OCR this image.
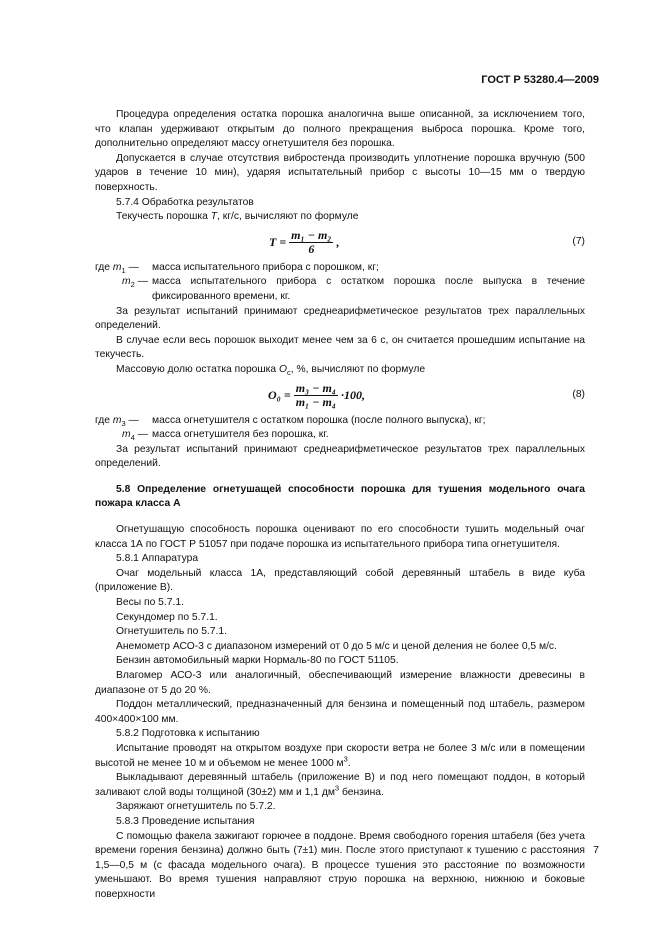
ГОСТ Р 53280.4—2009

Процедура определения остатка порошка аналогична выше описанной, за исключением того, что клапан удерживают открытым до полного прекращения выброса порошка. Кроме того, дополнительно определяют массу огнетушителя без порошка.

Допускается в случае отсутствия вибростенда производить уплотнение порошка вручную (500 ударов в течение 10 мин), ударяя испытательный прибор с высоты 10—15 мм о твердую поверхность.

5.7.4 Обработка результатов

Текучесть порошка T, кг/с, вычисляют по формуле

$T = \frac{\text{m₁ − m₂}}{6}$ ,	(7)
где $m_1$ —	масса испытательного прибора с порошком, кг;
$m_2$ — масса испытательного прибора с остатком порошка после выпуска в течение фиксированного времени, кг.

За результат испытаний принимают среднеарифметическое результатов трех параллельных определений.

В случае если весь порошок выходит менее чем за 6 с, он считается прошедшим испытание на текучесть.

Массовую долю остатка порошка $O_c$, %, вычисляют по формуле

$O_0 = \frac{\text{m₃ − m₄}}{\text{m₁ − m₄}} \cdot 100$,	(8)
где $m_3$ —	масса огнетушителя с остатком порошка (после полного выпуска), кг;
$m_4$ — масса огнетушителя без порошка, кг.

За результат испытаний принимают среднеарифметическое результатов трех параллельных определений.

5.8 Определение огнетушащей способности порошка для тушения модельного очага пожара класса А

Огнетушащую способность порошка оценивают по его способности тушить модельный очаг класса 1А по ГОСТ Р 51057 при подаче порошка из испытательного прибора типа огнетушителя.

5.8.1 Аппаратура

Очаг модельный класса 1А, представляющий собой деревянный штабель в виде куба (приложение В).

Весы по 5.7.1.

Секундомер по 5.7.1.

Огнетушитель по 5.7.1.

Анемометр АСО-3 с диапазоном измерений от 0 до 5 м/с и ценой деления не более 0,5 м/с.

Бензин автомобильный марки Нормаль-80 по ГОСТ 51105.

Влагомер АСО-3 или аналогичный, обеспечивающий измерение влажности древесины в диапазоне от 5 до 20 %.

Поддон металлический, предназначенный для бензина и помещенный под штабель, размером 400×400×100 мм.

5.8.2 Подготовка к испытанию

Испытание проводят на открытом воздухе при скорости ветра не более 3 м/с или в помещении высотой не менее 10 м и объемом не менее 1000 $м^3$.

Выкладывают деревянный штабель (приложение В) и под него помещают поддон, в который заливают слой воды толщиной (30±2) мм и 1,1 $дм^3$ бензина.

Заряжают огнетушитель по 5.7.2.

5.8.3 Проведение испытания

С помощью факела зажигают горючее в поддоне. Время свободного горения штабеля (без учета времени горения бензина) должно быть (7±1) мин. После этого приступают к тушению с расстояния 1,5—0,5 м (с фасада модельного очага). В процессе тушения это расстояние по возможности уменьшают. Во время тушения направляют струю порошка на верхнюю, нижнюю и боковые поверхности

7
